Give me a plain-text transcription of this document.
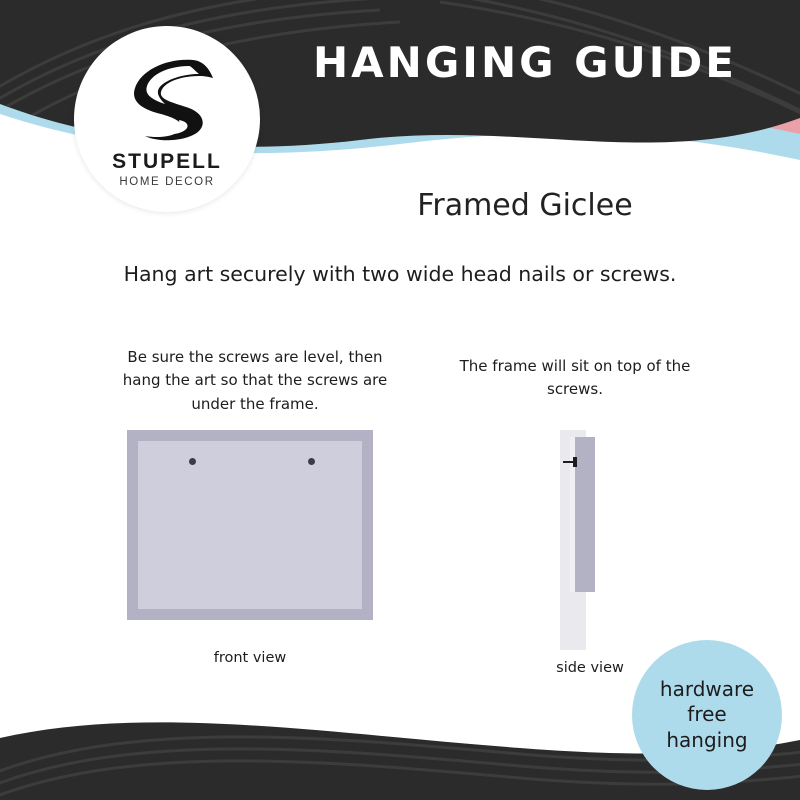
STUPELL
HOME DECOR
HANGING GUIDE
Framed Giclee
Hang art securely with two wide head nails or screws.
Be sure the screws are level, then hang the art so that the screws are under the frame.
front view
The frame will sit on top of the screws.
side view
hardware
free
hanging
